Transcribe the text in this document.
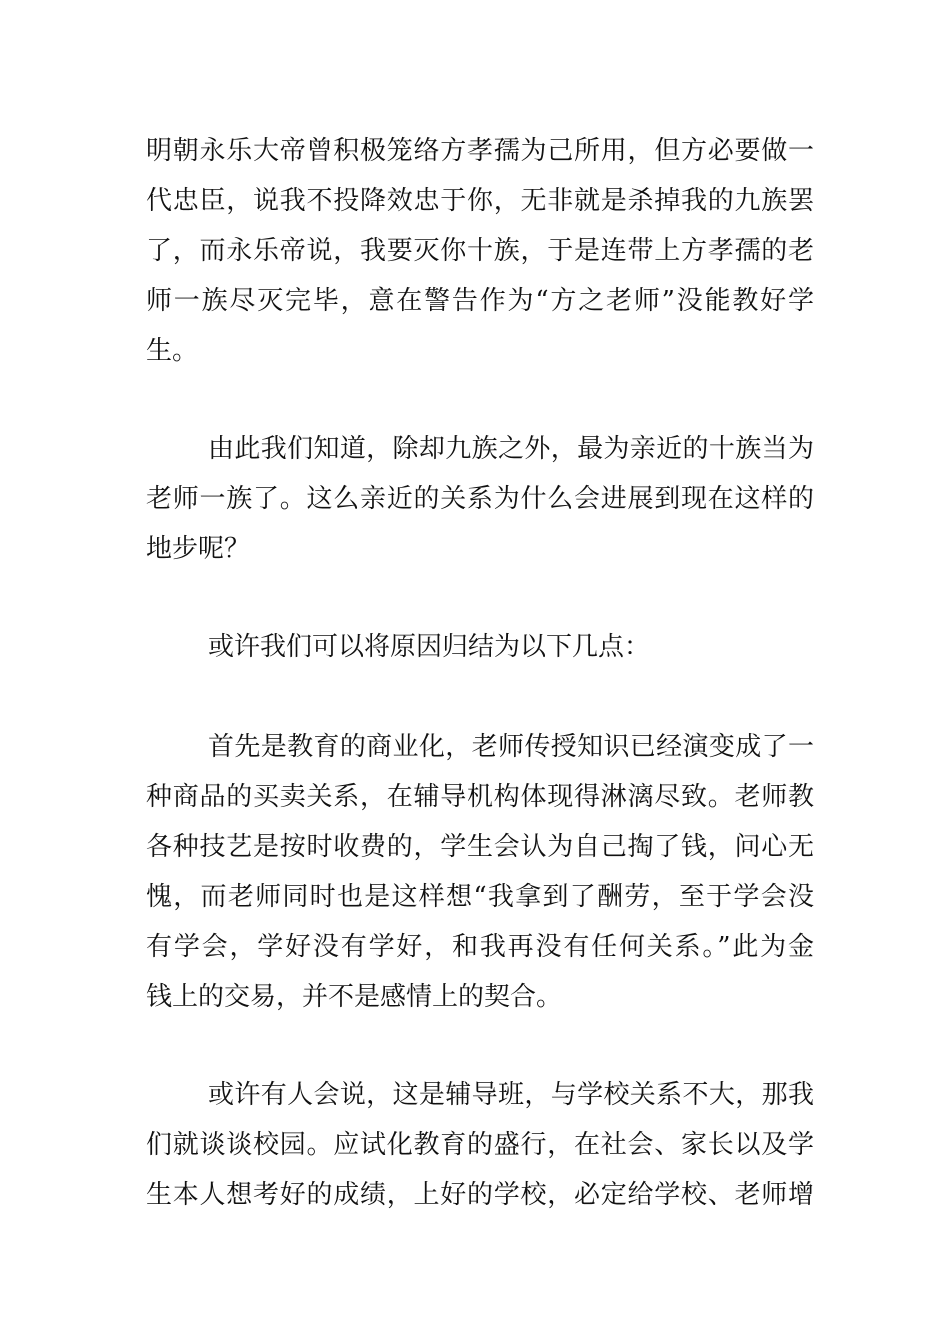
明朝永乐大帝曾积极笼络方孝孺为己所用，但方必要做一
代忠臣，说我不投降效忠于你，无非就是杀掉我的九族罢
了，而永乐帝说，我要灭你十族，于是连带上方孝孺的老
师一族尽灭完毕，意在警告作为“方之老师”没能教好学
生。
由此我们知道，除却九族之外，最为亲近的十族当为
老师一族了。这么亲近的关系为什么会进展到现在这样的
地步呢？
或许我们可以将原因归结为以下几点：
首先是教育的商业化，老师传授知识已经演变成了一
种商品的买卖关系，在辅导机构体现得淋漓尽致。老师教
各种技艺是按时收费的，学生会认为自己掏了钱，问心无
愧，而老师同时也是这样想“我拿到了酬劳，至于学会没
有学会，学好没有学好，和我再没有任何关系。”此为金
钱上的交易，并不是感情上的契合。
或许有人会说，这是辅导班，与学校关系不大，那我
们就谈谈校园。应试化教育的盛行，在社会、家长以及学
生本人想考好的成绩，上好的学校，必定给学校、老师增
